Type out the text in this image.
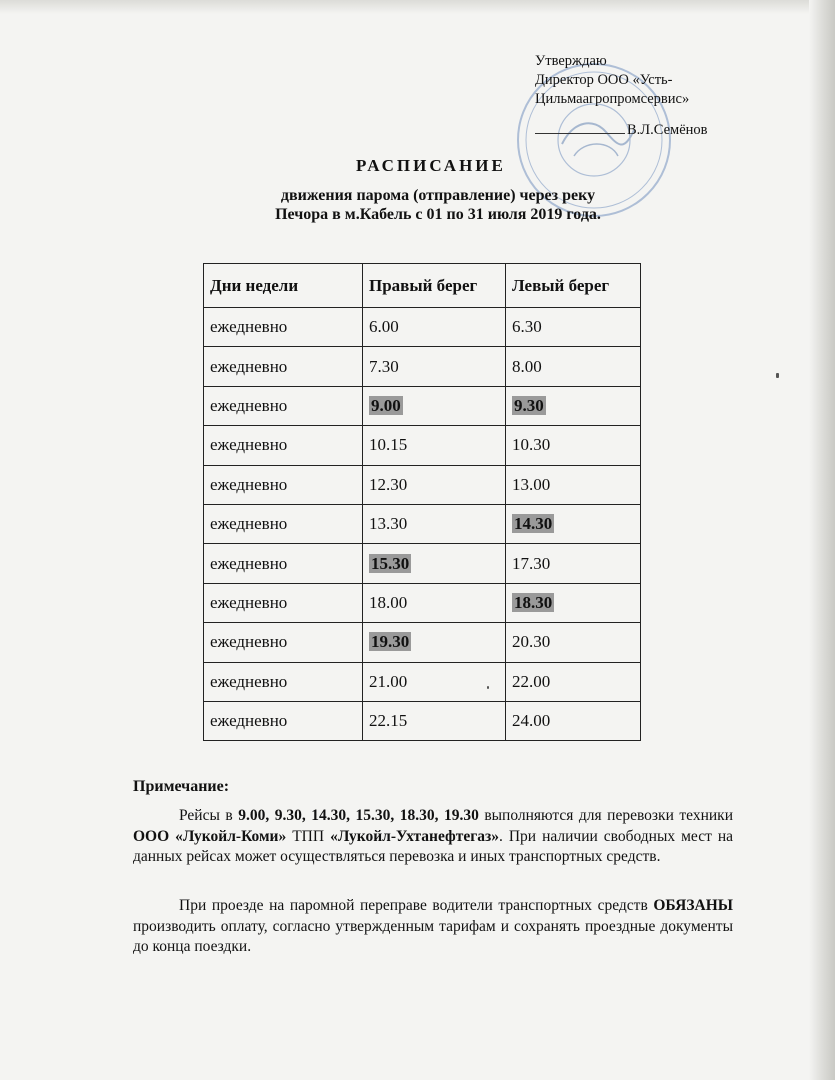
Утверждаю
Директор ООО «Усть-
Цильмаагропромсервис»
В.Л.Семёнов
РАСПИСАНИЕ
движения парома (отправление) через реку
Печора в м.Кабель с 01 по 31 июля 2019 года.
Дни недели	Правый берег	Левый берег
ежедневно	6.00	6.30
ежедневно	7.30	8.00
ежедневно	9.00	9.30
ежедневно	10.15	10.30
ежедневно	12.30	13.00
ежедневно	13.30	14.30
ежедневно	15.30	17.30
ежедневно	18.00	18.30
ежедневно	19.30	20.30
ежедневно	21.00	22.00
ежедневно	22.15	24.00
Примечание:
Рейсы в 9.00, 9.30, 14.30, 15.30, 18.30, 19.30 выполняются для перевозки техники ООО «Лукойл-Коми» ТПП «Лукойл-Ухтанефтегаз». При наличии свободных мест на данных рейсах может осуществляться перевозка и иных транспортных средств.
При проезде на паромной переправе водители транспортных средств ОБЯЗАНЫ производить оплату, согласно утвержденным тарифам и сохранять проездные документы до конца поездки.
